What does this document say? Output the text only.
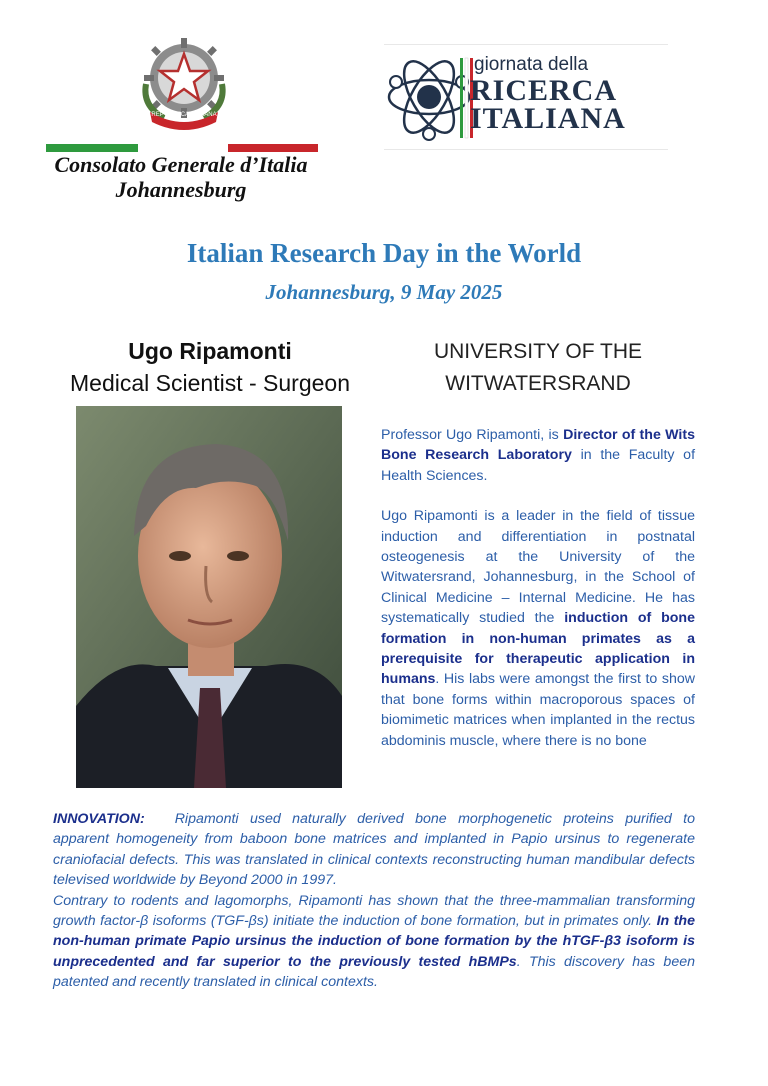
REPVBBLICA ITALIANA
Consolato Generale d’Italia
Johannesburg
giornata della
RICERCA
ITALIANA
Italian Research Day in the World
Johannesburg, 9 May 2025
Ugo Ripamonti
Medical Scientist - Surgeon
UNIVERSITY OF THE WITWATERSRAND

Professor Ugo Ripamonti, is Director of the Wits Bone Research Laboratory in the Faculty of Health Sciences.

Ugo Ripamonti is a leader in the field of tissue induction and differentiation in postnatal osteogenesis at the University of the Witwatersrand, Johannesburg, in the School of Clinical Medicine – Internal Medicine. He has systematically studied the induction of bone formation in non-human primates as a prerequisite for therapeutic application in humans. His labs were amongst the first to show that bone forms within macroporous spaces of biomimetic matrices when implanted in the rectus abdominis muscle, where there is no bone

INNOVATION: Ripamonti used naturally derived bone morphogenetic proteins purified to apparent homogeneity from baboon bone matrices and implanted in Papio ursinus to regenerate craniofacial defects. This was translated in clinical contexts reconstructing human mandibular defects televised worldwide by Beyond 2000 in 1997.

Contrary to rodents and lagomorphs, Ripamonti has shown that the three-mammalian transforming growth factor-β isoforms (TGF-βs) initiate the induction of bone formation, but in primates only. In the non-human primate Papio ursinus the induction of bone formation by the hTGF-β3 isoform is unprecedented and far superior to the previously tested hBMPs. This discovery has been patented and recently translated in clinical contexts.
